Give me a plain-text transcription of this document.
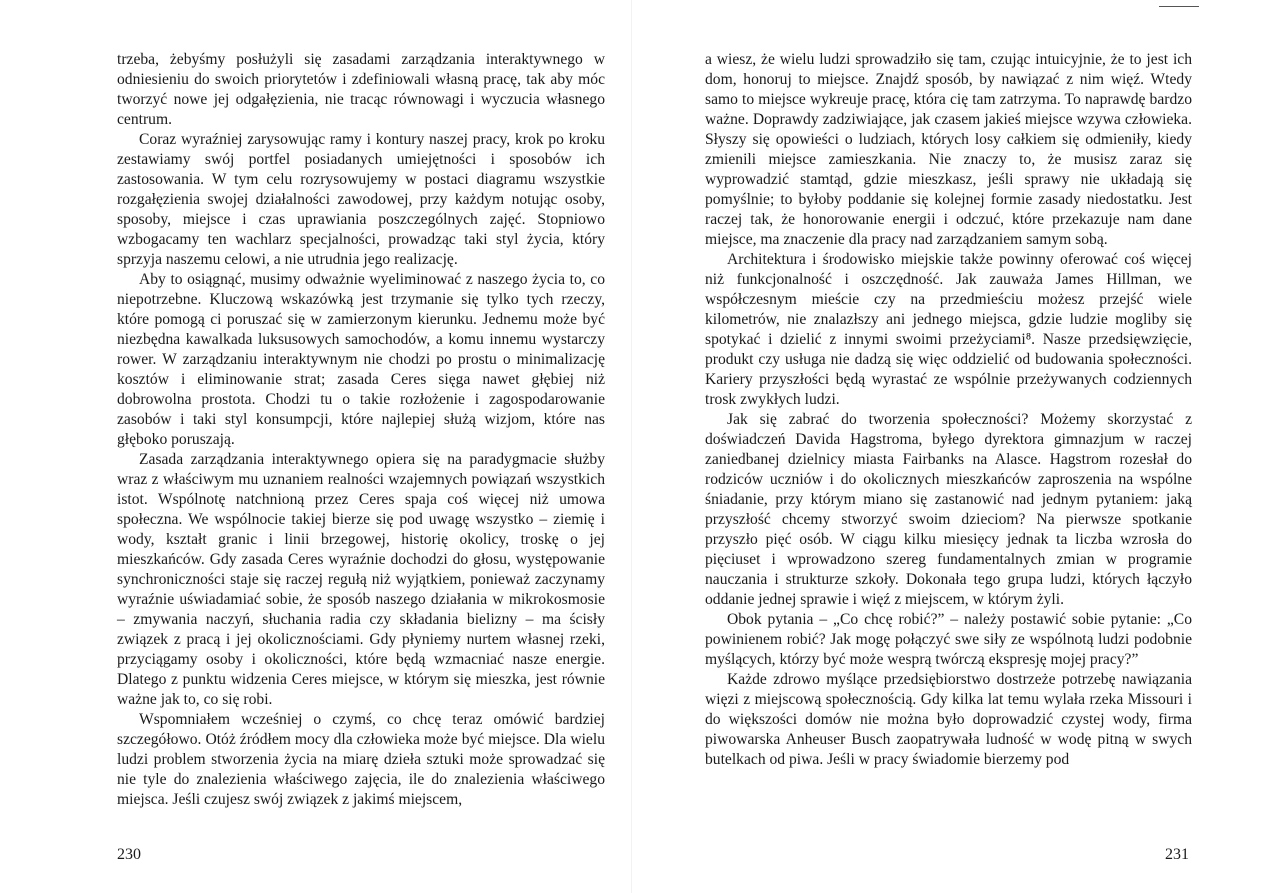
trzeba, żebyśmy posłużyli się zasadami zarządzania interaktywnego w odniesieniu do swoich priorytetów i zdefiniowali własną pracę, tak aby móc tworzyć nowe jej odgałęzienia, nie tracąc równowagi i wyczucia własnego centrum.

Coraz wyraźniej zarysowując ramy i kontury naszej pracy, krok po kroku zestawiamy swój portfel posiadanych umiejętności i sposobów ich zastosowania. W tym celu rozrysowujemy w postaci diagramu wszystkie rozgałęzienia swojej działalności zawodowej, przy każdym notując osoby, sposoby, miejsce i czas uprawiania poszczególnych zajęć. Stopniowo wzbogacamy ten wachlarz specjalności, prowadząc taki styl życia, który sprzyja naszemu celowi, a nie utrudnia jego realizację.

Aby to osiągnąć, musimy odważnie wyeliminować z naszego życia to, co niepotrzebne. Kluczową wskazówką jest trzymanie się tylko tych rzeczy, które pomogą ci poruszać się w zamierzonym kierunku. Jednemu może być niezbędna kawalkada luksusowych samochodów, a komu innemu wystarczy rower. W zarządzaniu interaktywnym nie chodzi po prostu o minimalizację kosztów i eliminowanie strat; zasada Ceres sięga nawet głębiej niż dobrowolna prostota. Chodzi tu o takie rozłożenie i zagospodarowanie zasobów i taki styl konsumpcji, które najlepiej służą wizjom, które nas głęboko poruszają.

Zasada zarządzania interaktywnego opiera się na paradygmacie służby wraz z właściwym mu uznaniem realności wzajemnych powiązań wszystkich istot. Wspólnotę natchnioną przez Ceres spaja coś więcej niż umowa społeczna. We wspólnocie takiej bierze się pod uwagę wszystko – ziemię i wody, kształt granic i linii brzegowej, historię okolicy, troskę o jej mieszkańców. Gdy zasada Ceres wyraźnie dochodzi do głosu, występowanie synchroniczności staje się raczej regułą niż wyjątkiem, ponieważ zaczynamy wyraźnie uświadamiać sobie, że sposób naszego działania w mikrokosmosie – zmywania naczyń, słuchania radia czy składania bielizny – ma ścisły związek z pracą i jej okolicznościami. Gdy płyniemy nurtem własnej rzeki, przyciągamy osoby i okoliczności, które będą wzmacniać nasze energie. Dlatego z punktu widzenia Ceres miejsce, w którym się mieszka, jest równie ważne jak to, co się robi.

Wspomniałem wcześniej o czymś, co chcę teraz omówić bardziej szczegółowo. Otóż źródłem mocy dla człowieka może być miejsce. Dla wielu ludzi problem stworzenia życia na miarę dzieła sztuki może sprowadzać się nie tyle do znalezienia właściwego zajęcia, ile do znalezienia właściwego miejsca. Jeśli czujesz swój związek z jakimś miejscem,

230

a wiesz, że wielu ludzi sprowadziło się tam, czując intuicyjnie, że to jest ich dom, honoruj to miejsce. Znajdź sposób, by nawiązać z nim więź. Wtedy samo to miejsce wykreuje pracę, która cię tam zatrzyma. To naprawdę bardzo ważne. Doprawdy zadziwiające, jak czasem jakieś miejsce wzywa człowieka. Słyszy się opowieści o ludziach, których losy całkiem się odmieniły, kiedy zmienili miejsce zamieszkania. Nie znaczy to, że musisz zaraz się wyprowadzić stamtąd, gdzie mieszkasz, jeśli sprawy nie układają się pomyślnie; to byłoby poddanie się kolejnej formie zasady niedostatku. Jest raczej tak, że honorowanie energii i odczuć, które przekazuje nam dane miejsce, ma znaczenie dla pracy nad zarządzaniem samym sobą.

Architektura i środowisko miejskie także powinny oferować coś więcej niż funkcjonalność i oszczędność. Jak zauważa James Hillman, we współczesnym mieście czy na przedmieściu możesz przejść wiele kilometrów, nie znalazłszy ani jednego miejsca, gdzie ludzie mogliby się spotykać i dzielić z innymi swoimi przeżyciami⁸. Nasze przedsięwzięcie, produkt czy usługa nie dadzą się więc oddzielić od budowania społeczności. Kariery przyszłości będą wyrastać ze wspólnie przeżywanych codziennych trosk zwykłych ludzi.

Jak się zabrać do tworzenia społeczności? Możemy skorzystać z doświadczeń Davida Hagstroma, byłego dyrektora gimnazjum w raczej zaniedbanej dzielnicy miasta Fairbanks na Alasce. Hagstrom rozesłał do rodziców uczniów i do okolicznych mieszkańców zaproszenia na wspólne śniadanie, przy którym miano się zastanowić nad jednym pytaniem: jaką przyszłość chcemy stworzyć swoim dzieciom? Na pierwsze spotkanie przyszło pięć osób. W ciągu kilku miesięcy jednak ta liczba wzrosła do pięciuset i wprowadzono szereg fundamentalnych zmian w programie nauczania i strukturze szkoły. Dokonała tego grupa ludzi, których łączyło oddanie jednej sprawie i więź z miejscem, w którym żyli.

Obok pytania – „Co chcę robić?” – należy postawić sobie pytanie: „Co powinienem robić? Jak mogę połączyć swe siły ze wspólnotą ludzi podobnie myślących, którzy być może wesprą twórczą ekspresję mojej pracy?”

Każde zdrowo myślące przedsiębiorstwo dostrzeże potrzebę nawiązania więzi z miejscową społecznością. Gdy kilka lat temu wylała rzeka Missouri i do większości domów nie można było doprowadzić czystej wody, firma piwowarska Anheuser Busch zaopatrywała ludność w wodę pitną w swych butelkach od piwa. Jeśli w pracy świadomie bierzemy pod

231
